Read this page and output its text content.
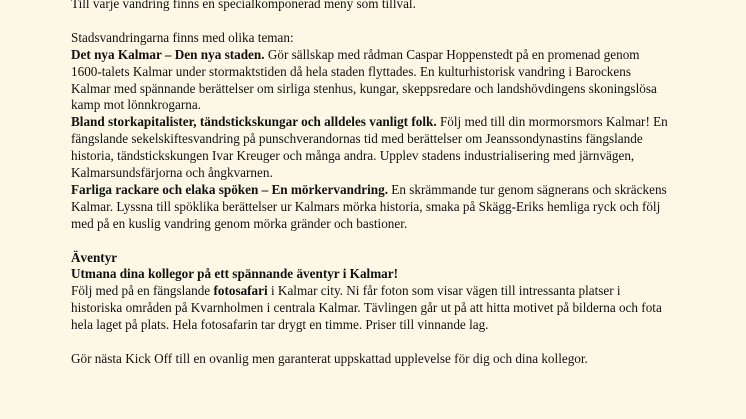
Till varje vandring finns en specialkomponerad meny som tillval.

Stadsvandringarna finns med olika teman:

Det nya Kalmar – Den nya staden. Gör sällskap med rådman Caspar Hoppenstedt på en promenad genom 1600-talets Kalmar under stormaktstiden då hela staden flyttades. En kulturhistorisk vandring i Barockens Kalmar med spännande berättelser om sirliga stenhus, kungar, skeppsredare och landshövdingens skoningslösa kamp mot lönnkrogarna.

Bland storkapitalister, tändstickskungar och alldeles vanligt folk. Följ med till din mormorsmors Kalmar! En fängslande sekelskiftesvandring på punschverandornas tid med berättelser om Jeanssondynastins fängslande historia, tändstickskungen Ivar Kreuger och många andra. Upplev stadens industrialisering med järnvägen, Kalmarsundsfärjorna och ångkvarnen.

Farliga rackare och elaka spöken – En mörkervandring. En skrämmande tur genom sägnerans och skräckens Kalmar. Lyssna till spöklika berättelser ur Kalmars mörka historia, smaka på Skägg-Eriks hemliga ryck och följ med på en kuslig vandring genom mörka gränder och bastioner.

Äventyr

Utmana dina kollegor på ett spännande äventyr i Kalmar!

Följ med på en fängslande fotosafari i Kalmar city. Ni får foton som visar vägen till intressanta platser i historiska områden på Kvarnholmen i centrala Kalmar. Tävlingen går ut på att hitta motivet på bilderna och fota hela laget på plats. Hela fotosafarin tar drygt en timme. Priser till vinnande lag.

Gör nästa Kick Off till en ovanlig men garanterat uppskattad upplevelse för dig och dina kollegor.
